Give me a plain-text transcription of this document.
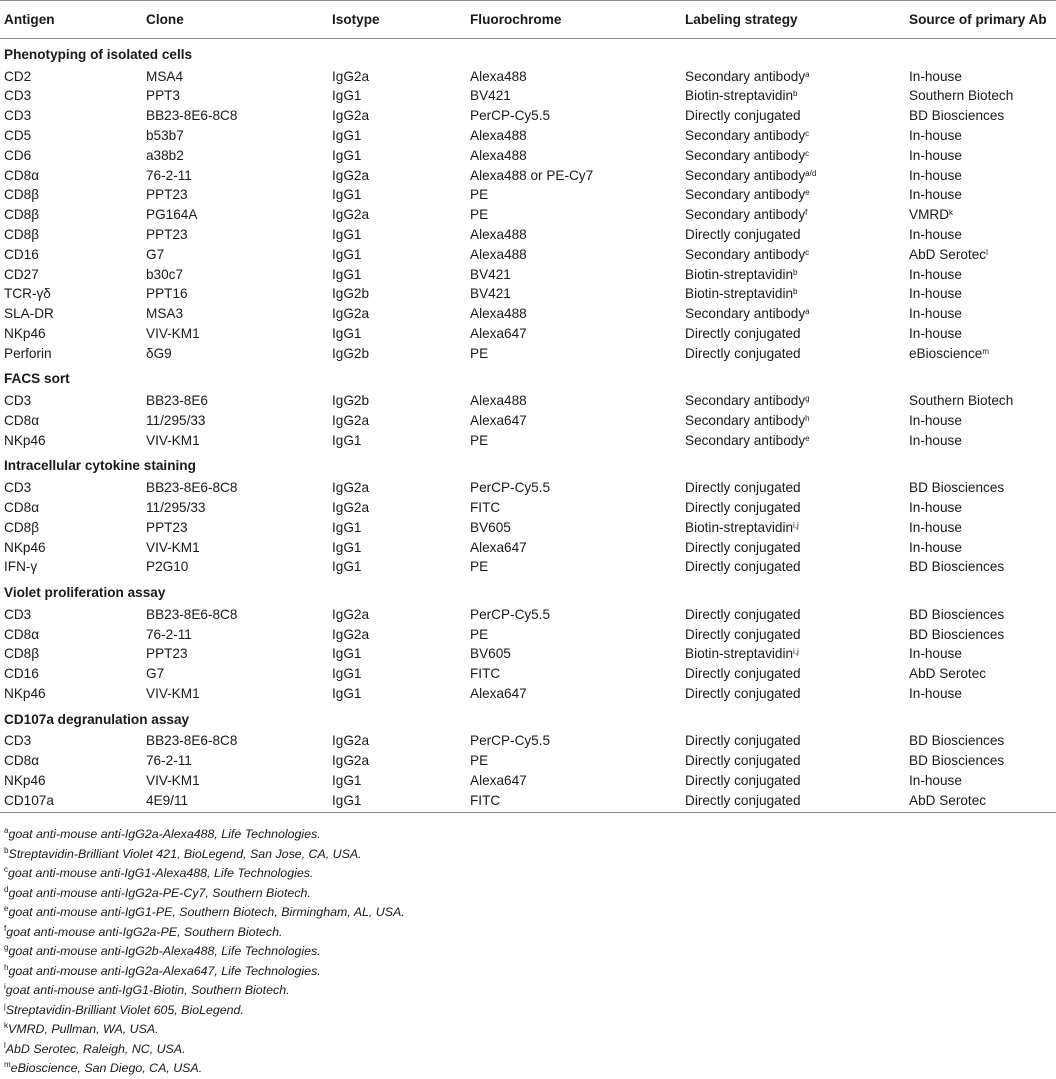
Antigen	Clone	Isotype	Fluorochrome	Labeling strategy	Source of primary Ab
Phenotyping of isolated cells					
CD2	MSA4	IgG2a	Alexa488	Secondary antibody$^a$	In-house
CD3	PPT3	IgG1	BV421	Biotin-streptavidin$^b$	Southern Biotech
CD3	BB23-8E6-8C8	IgG2a	PerCP-Cy5.5	Directly conjugated	BD Biosciences
CD5	b53b7	IgG1	Alexa488	Secondary antibody$^c$	In-house
CD6	a38b2	IgG1	Alexa488	Secondary antibody$^c$	In-house
CD8α	76-2-11	IgG2a	Alexa488 or PE-Cy7	Secondary antibody$^{a/d}$	In-house
CD8β	PPT23	IgG1	PE	Secondary antibody$^e$	In-house
CD8β	PG164A	IgG2a	PE	Secondary antibody$^f$	VMRD$^k$
CD8β	PPT23	IgG1	Alexa488	Directly conjugated	In-house
CD16	G7	IgG1	Alexa488	Secondary antibody$^c$	AbD Serotec$^l$
CD27	b30c7	IgG1	BV421	Biotin-streptavidin$^b$	In-house
TCR-γδ	PPT16	IgG2b	BV421	Biotin-streptavidin$^b$	In-house
SLA-DR	MSA3	IgG2a	Alexa488	Secondary antibody$^a$	In-house
NKp46	VIV-KM1	IgG1	Alexa647	Directly conjugated	In-house
Perforin	δG9	IgG2b	PE	Directly conjugated	eBioscience$^m$
FACS sort					
CD3	BB23-8E6	IgG2b	Alexa488	Secondary antibody$^g$	Southern Biotech
CD8α	11/295/33	IgG2a	Alexa647	Secondary antibody$^h$	In-house
NKp46	VIV-KM1	IgG1	PE	Secondary antibody$^e$	In-house
Intracellular cytokine staining					
CD3	BB23-8E6-8C8	IgG2a	PerCP-Cy5.5	Directly conjugated	BD Biosciences
CD8α	11/295/33	IgG2a	FITC	Directly conjugated	In-house
CD8β	PPT23	IgG1	BV605	Biotin-streptavidin$^{i,j}$	In-house
NKp46	VIV-KM1	IgG1	Alexa647	Directly conjugated	In-house
IFN-γ	P2G10	IgG1	PE	Directly conjugated	BD Biosciences
Violet proliferation assay					
CD3	BB23-8E6-8C8	IgG2a	PerCP-Cy5.5	Directly conjugated	BD Biosciences
CD8α	76-2-11	IgG2a	PE	Directly conjugated	BD Biosciences
CD8β	PPT23	IgG1	BV605	Biotin-streptavidin$^{i,j}$	In-house
CD16	G7	IgG1	FITC	Directly conjugated	AbD Serotec
NKp46	VIV-KM1	IgG1	Alexa647	Directly conjugated	In-house
CD107a degranulation assay					
CD3	BB23-8E6-8C8	IgG2a	PerCP-Cy5.5	Directly conjugated	BD Biosciences
CD8α	76-2-11	IgG2a	PE	Directly conjugated	BD Biosciences
NKp46	VIV-KM1	IgG1	Alexa647	Directly conjugated	In-house
CD107a	4E9/11	IgG1	FITC	Directly conjugated	AbD Serotec
$^a$goat anti-mouse anti-IgG2a-Alexa488, Life Technologies.
$^b$Streptavidin-Brilliant Violet 421, BioLegend, San Jose, CA, USA.
$^c$goat anti-mouse anti-IgG1-Alexa488, Life Technologies.
$^d$goat anti-mouse anti-IgG2a-PE-Cy7, Southern Biotech.
$^e$goat anti-mouse anti-IgG1-PE, Southern Biotech, Birmingham, AL, USA.
$^f$goat anti-mouse anti-IgG2a-PE, Southern Biotech.
$^g$goat anti-mouse anti-IgG2b-Alexa488, Life Technologies.
$^h$goat anti-mouse anti-IgG2a-Alexa647, Life Technologies.
$^i$goat anti-mouse anti-IgG1-Biotin, Southern Biotech.
$^j$Streptavidin-Brilliant Violet 605, BioLegend.
$^k$VMRD, Pullman, WA, USA.
$^l$AbD Serotec, Raleigh, NC, USA.
$^m$eBioscience, San Diego, CA, USA.
